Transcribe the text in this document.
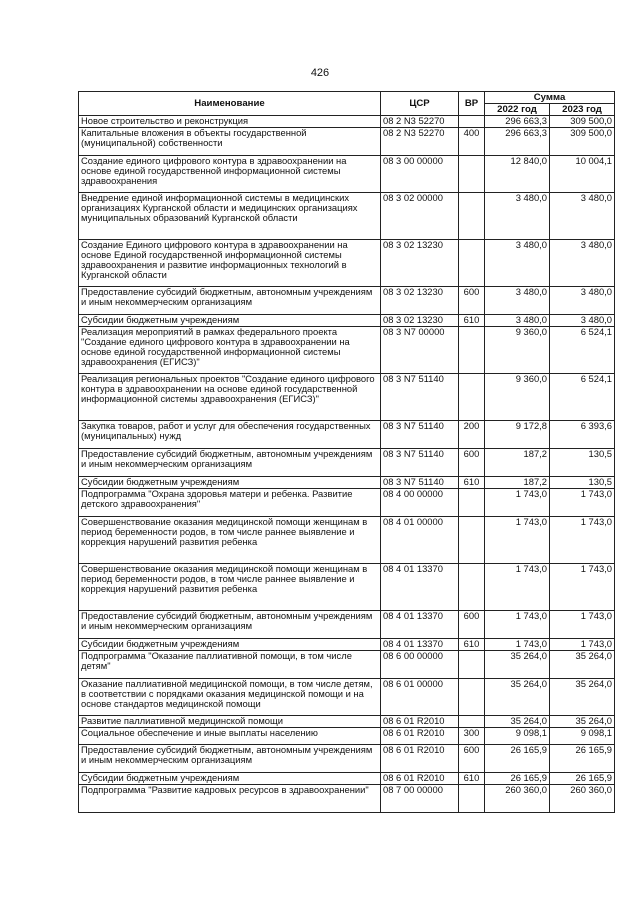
426
Наименование	ЦСР	ВР	Сумма	
			2022 год	2023 год
Новое строительство и реконструкция	08 2 N3 52270		296 663,3	309 500,0
Капитальные вложения в объекты государственной (муниципальной) собственности	08 2 N3 52270	400	296 663,3	309 500,0
Создание единого цифрового контура в здравоохранении на основе единой государственной информационной системы здравоохранения	08 3 00 00000		12 840,0	10 004,1
Внедрение единой информационной системы в медицинских организациях Курганской области и медицинских организациях муниципальных образований Курганской области	08 3 02 00000		3 480,0	3 480,0
Создание Единого цифрового контура в здравоохранении на основе Единой государственной информационной системы здравоохранения и развитие информационных технологий в Курганской области	08 3 02 13230		3 480,0	3 480,0
Предоставление субсидий бюджетным, автономным учреждениям и иным некоммерческим организациям	08 3 02 13230	600	3 480,0	3 480,0
Субсидии бюджетным учреждениям	08 3 02 13230	610	3 480,0	3 480,0
Реализация мероприятий в рамках федерального проекта "Создание единого цифрового контура в здравоохранении на основе единой государственной информационной системы здравоохранения (ЕГИСЗ)"	08 3 N7 00000		9 360,0	6 524,1
Реализация региональных проектов "Создание единого цифрового контура в здравоохранении на основе единой государственной информационной системы здравоохранения (ЕГИСЗ)"	08 3 N7 51140		9 360,0	6 524,1
Закупка товаров, работ и услуг для обеспечения государственных (муниципальных) нужд	08 3 N7 51140	200	9 172,8	6 393,6
Предоставление субсидий бюджетным, автономным учреждениям и иным некоммерческим организациям	08 3 N7 51140	600	187,2	130,5
Субсидии бюджетным учреждениям	08 3 N7 51140	610	187,2	130,5
Подпрограмма "Охрана здоровья матери и ребенка. Развитие детского здравоохранения"	08 4 00 00000		1 743,0	1 743,0
Совершенствование оказания медицинской помощи женщинам в период беременности родов, в том числе раннее выявление и коррекция нарушений развития ребенка	08 4 01 00000		1 743,0	1 743,0
Совершенствование оказания медицинской помощи женщинам в период беременности родов, в том числе раннее выявление и коррекция нарушений развития ребенка	08 4 01 13370		1 743,0	1 743,0
Предоставление субсидий бюджетным, автономным учреждениям и иным некоммерческим организациям	08 4 01 13370	600	1 743,0	1 743,0
Субсидии бюджетным учреждениям	08 4 01 13370	610	1 743,0	1 743,0
Подпрограмма "Оказание паллиативной помощи, в том числе детям"	08 6 00 00000		35 264,0	35 264,0
Оказание паллиативной медицинской помощи, в том числе детям, в соответствии с порядками оказания медицинской помощи и на основе стандартов медицинской помощи	08 6 01 00000		35 264,0	35 264,0
Развитие паллиативной медицинской помощи	08 6 01 R2010		35 264,0	35 264,0
Социальное обеспечение и иные выплаты населению	08 6 01 R2010	300	9 098,1	9 098,1
Предоставление субсидий бюджетным, автономным учреждениям и иным некоммерческим организациям	08 6 01 R2010	600	26 165,9	26 165,9
Субсидии бюджетным учреждениям	08 6 01 R2010	610	26 165,9	26 165,9
Подпрограмма "Развитие кадровых ресурсов в здравоохранении"	08 7 00 00000		260 360,0	260 360,0
